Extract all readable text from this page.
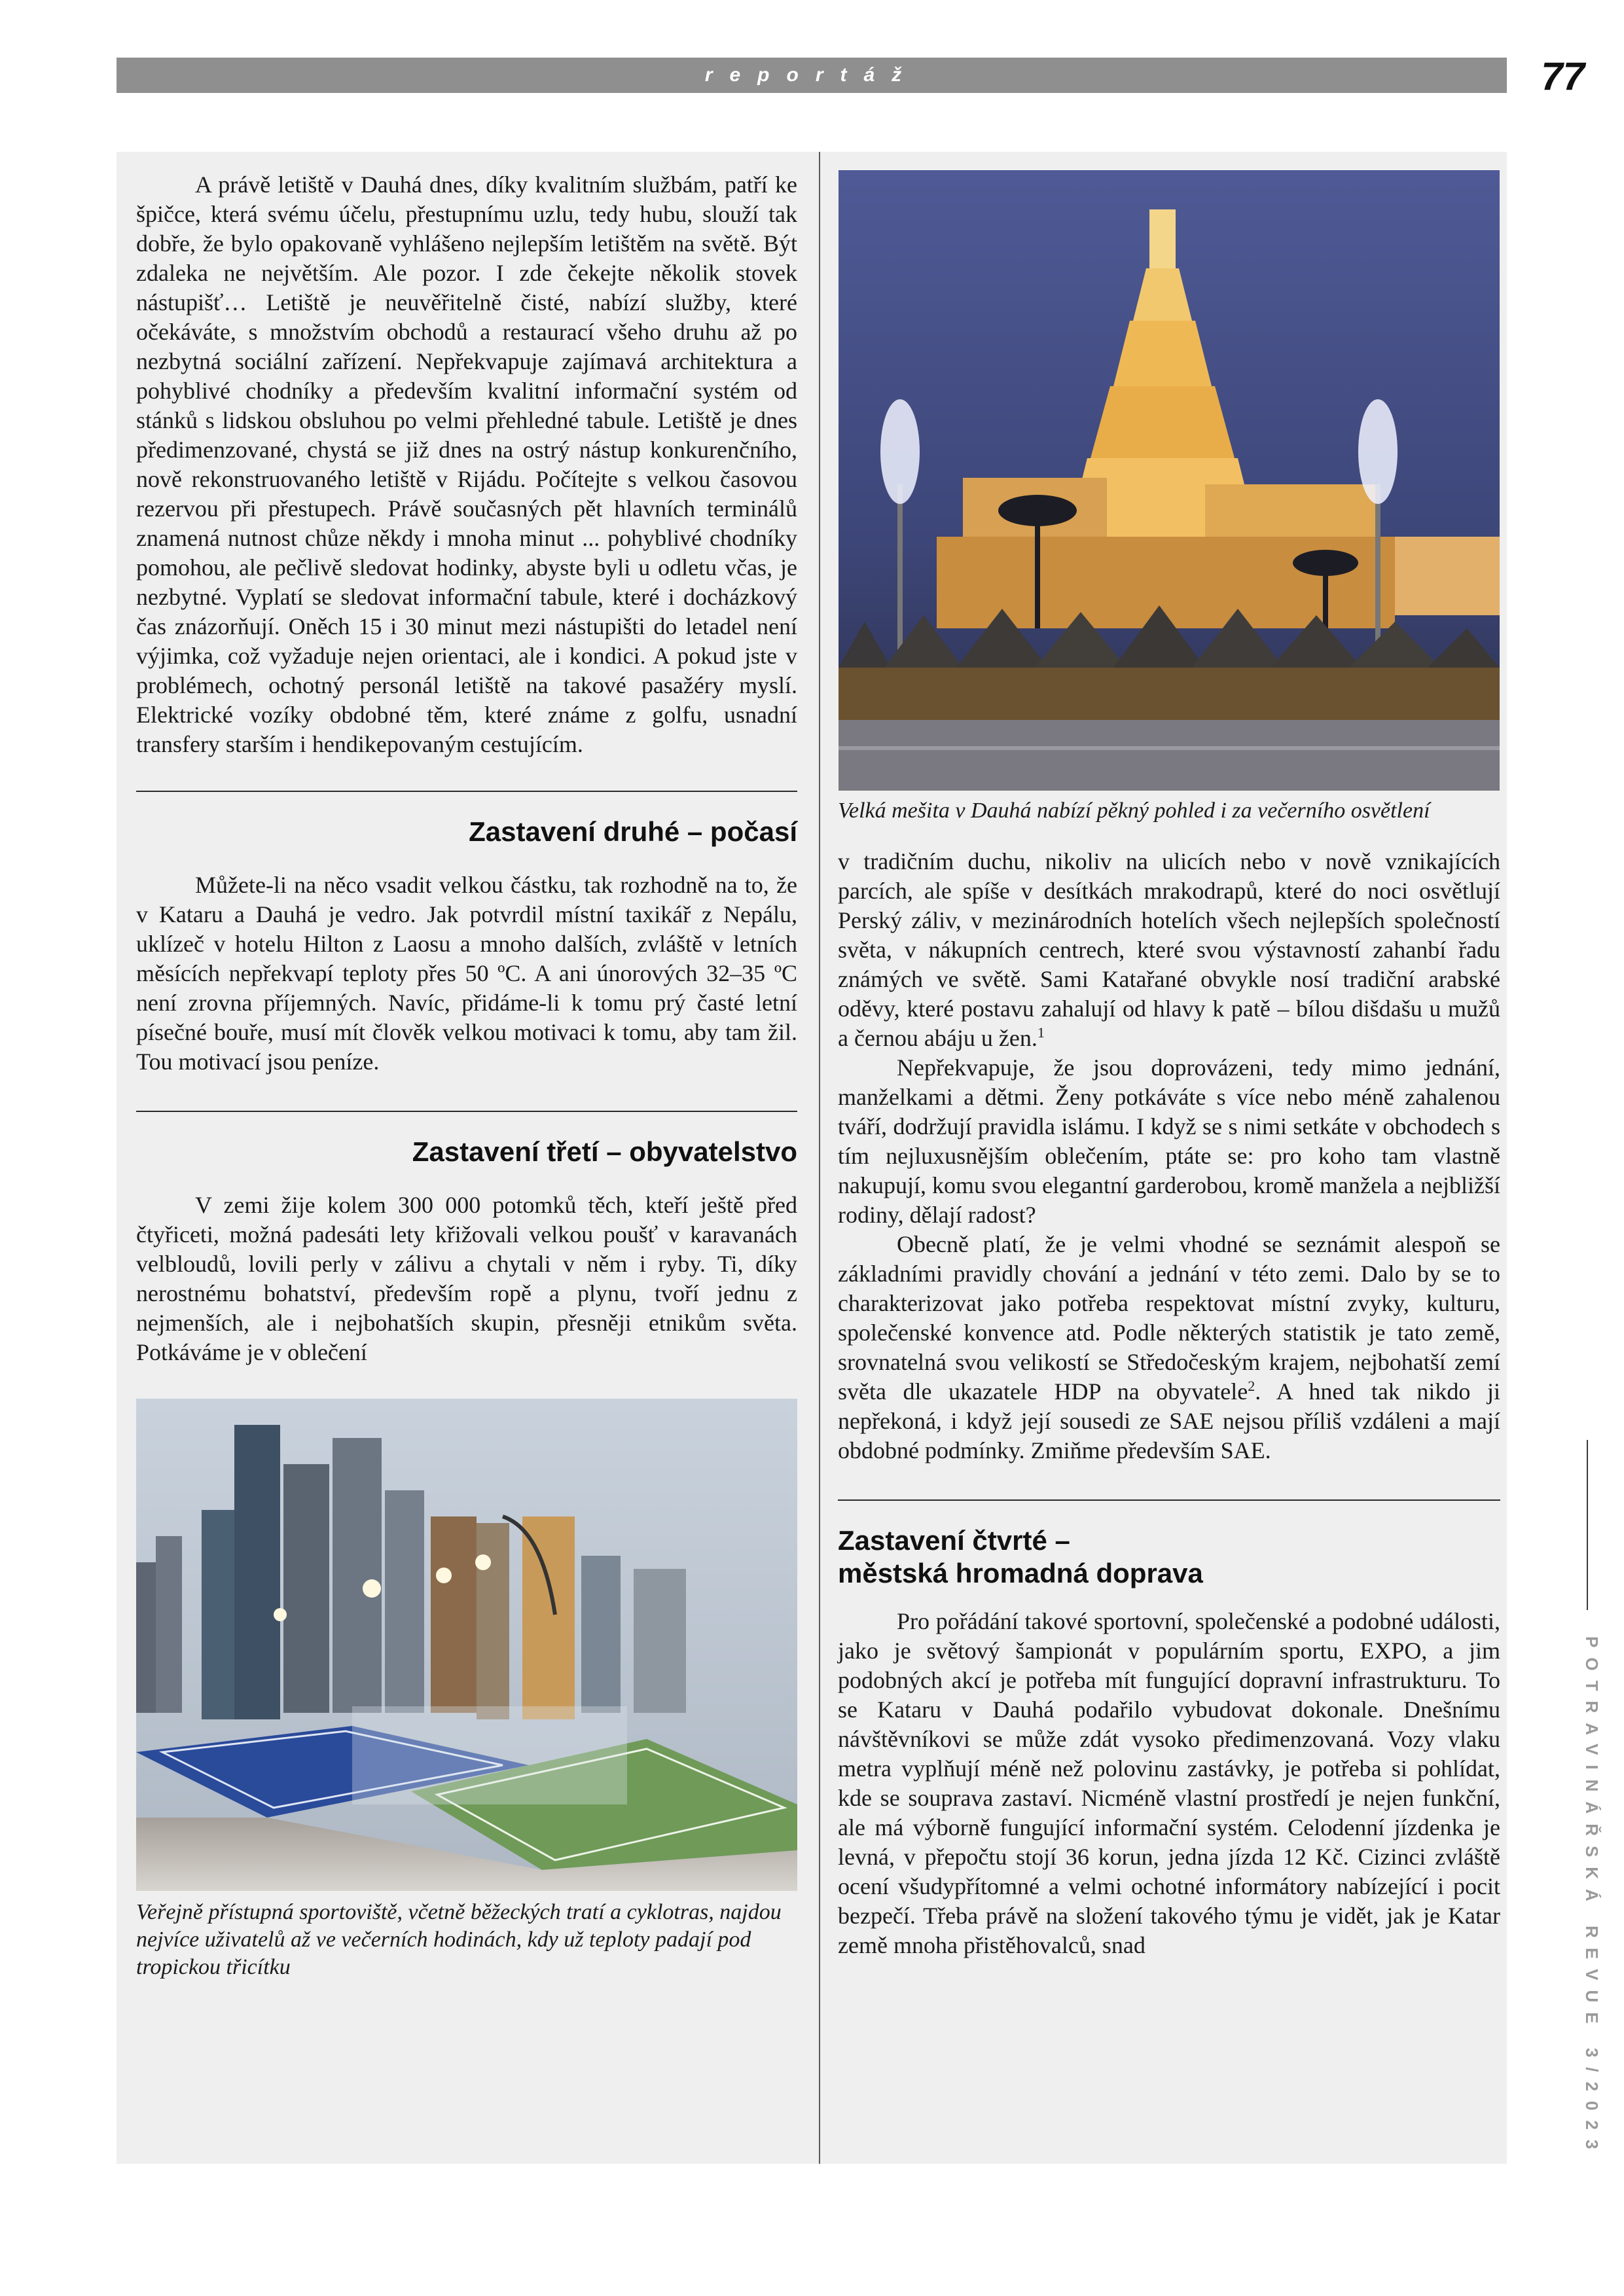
reportáž	77

A právě letiště v Dauhá dnes, díky kvalitním službám, patří ke špičce, která svému účelu, přestupnímu uzlu, tedy hubu, slouží tak dobře, že bylo opakovaně vyhlášeno nejlepším letištěm na světě. Být zdaleka ne největším. Ale pozor. I zde čekejte několik stovek nástupišť… Letiště je neuvěřitelně čisté, nabízí služby, které očekáváte, s množstvím obchodů a restaurací všeho druhu až po nezbytná sociální zařízení. Nepřekvapuje zajímavá architektura a pohyblivé chodníky a především kvalitní informační systém od stánků s lidskou obsluhou po velmi přehledné tabule. Letiště je dnes předimenzované, chystá se již dnes na ostrý nástup konkurenčního, nově rekonstruovaného letiště v Rijádu. Počítejte s velkou časovou rezervou při přestupech. Právě současných pět hlavních terminálů znamená nutnost chůze někdy i mnoha minut ... pohyblivé chodníky pomohou, ale pečlivě sledovat hodinky, abyste byli u odletu včas, je nezbytné. Vyplatí se sledovat informační tabule, které i docházkový čas znázorňují. Oněch 15 i 30 minut mezi nástupišti do letadel není výjimka, což vyžaduje nejen orientaci, ale i kondici. A pokud jste v problémech, ochotný personál letiště na takové pasažéry myslí. Elektrické vozíky obdobné těm, které známe z golfu, usnadní transfery starším i hendikepovaným cestujícím.

Zastavení druhé – počasí

Můžete-li na něco vsadit velkou částku, tak rozhodně na to, že v Kataru a Dauhá je vedro. Jak potvrdil místní taxikář z Nepálu, uklízeč v hotelu Hilton z Laosu a mnoho dalších, zvláště v letních měsících nepřekvapí teploty přes 50 ºC. A ani únorových 32–35 ºC není zrovna příjemných. Navíc, přidáme-li k tomu prý časté letní písečné bouře, musí mít člověk velkou motivaci k tomu, aby tam žil. Tou motivací jsou peníze.

Zastavení třetí – obyvatelstvo

V zemi žije kolem 300 000 potomků těch, kteří ještě před čtyřiceti, možná padesáti lety křižovali velkou poušť v karavanách velbloudů, lovili perly v zálivu a chytali v něm i ryby. Ti, díky nerostnému bohatství, především ropě a plynu, tvoří jednu z nejmenších, ale i nejbohatších skupin, přesněji etnikům světa. Potkáváme je v oblečení

Veřejně přístupná sportoviště, včetně běžeckých tratí a cyklotras, najdou nejvíce uživatelů až ve večerních hodinách, kdy už teploty padají pod tropickou třicítku

Velká mešita v Dauhá nabízí pěkný pohled i za večerního osvětlení

v tradičním duchu, nikoliv na ulicích nebo v nově vznikajících parcích, ale spíše v desítkách mrakodrapů, které do noci osvětlují Perský záliv, v mezinárodních hotelích všech nejlepších společností světa, v nákupních centrech, které svou výstavností zahanbí řadu známých ve světě. Sami Katařané obvykle nosí tradiční arabské oděvy, které postavu zahalují od hlavy k patě – bílou dišdašu u mužů a černou abáju u žen.$^1$

Nepřekvapuje, že jsou doprovázeni, tedy mimo jednání, manželkami a dětmi. Ženy potkáváte s více nebo méně zahalenou tváří, dodržují pravidla islámu. I když se s nimi setkáte v obchodech s tím nejluxusnějším oblečením, ptáte se: pro koho tam vlastně nakupují, komu svou elegantní garderobou, kromě manžela a nejbližší rodiny, dělají radost?

Obecně platí, že je velmi vhodné se seznámit alespoň se základními pravidly chování a jednání v této zemi. Dalo by se to charakterizovat jako potřeba respektovat místní zvyky, kulturu, společenské konvence atd. Podle některých statistik je tato země, srovnatelná svou velikostí se Středočeským krajem, nejbohatší zemí světa dle ukazatele HDP na obyvatele$^2$. A hned tak nikdo ji nepřekoná, i když její sousedi ze SAE nejsou příliš vzdáleni a mají obdobné podmínky. Zmiňme především SAE.

Zastavení čtvrté –
městská hromadná doprava

Pro pořádání takové sportovní, společenské a podobné události, jako je světový šampionát v populárním sportu, EXPO, a jim podobných akcí je potřeba mít fungující dopravní infrastrukturu. To se Kataru v Dauhá podařilo vybudovat dokonale. Dnešnímu návštěvníkovi se může zdát vysoko předimenzovaná. Vozy vlaku metra vyplňují méně než polovinu zastávky, je potřeba si pohlídat, kde se souprava zastaví. Nicméně vlastní prostředí je nejen funkční, ale má výborně fungující informační systém. Celodenní jízdenka je levná, v přepočtu stojí 36 korun, jedna jízda 12 Kč. Cizinci zvláště ocení všudypřítomné a velmi ochotné informátory nabízející i pocit bezpečí. Třeba právě na složení takového týmu je vidět, jak je Katar země mnoha přistěhovalců, snad	POTRAVINÁŘSKÁ REVUE 3/2023
